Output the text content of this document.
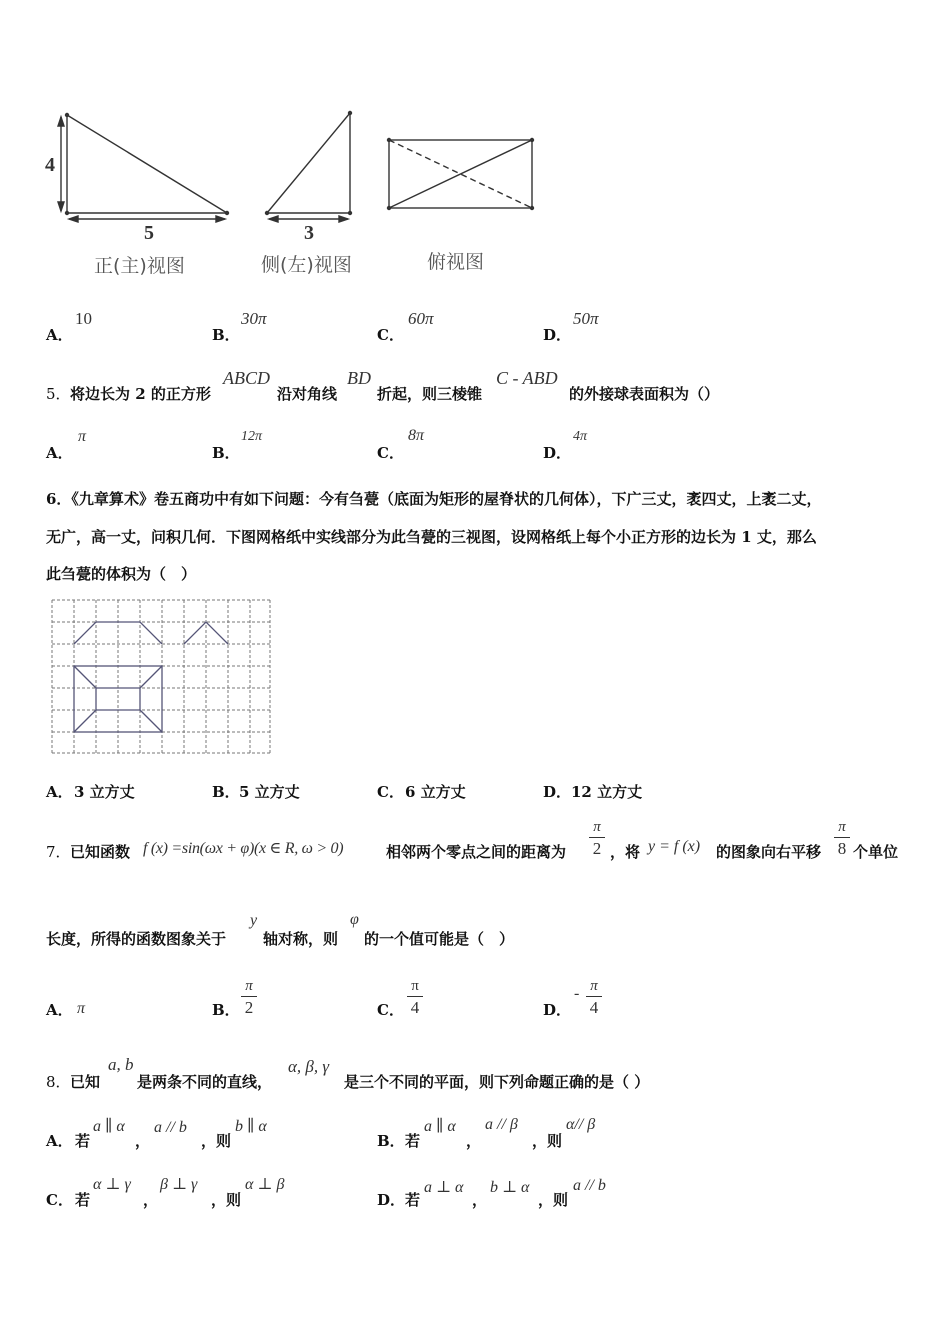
4
5	3
正(主)视图	侧(左)视图	俯视图
A．
10
B．
30π
C．
60π
D．
50π
5． 将边长为 2 的正方形
ABCD
沿对角线
BD
折起，则三棱锥
C - ABD
的外接球表面积为（）
A．
π
B．
12π
C．
8π
D．
4π
6．《九章算术》卷五商功中有如下问题：今有刍甍（底面为矩形的屋脊状的几何体），下广三丈，袤四丈，上袤二丈，
无广，高一丈，问积几何．下图网格纸中实线部分为此刍甍的三视图，设网格纸上每个小正方形的边长为 1 丈，那么
此刍甍的体积为（　）
A． 3 立方丈	B． 5 立方丈	C． 6 立方丈	D． 12 立方丈
7． 已知函数 f (x) =sin(ωx + φ)(x ∈ R, ω > 0)	相邻两个零点之间的距离为
π
2 ，将 y = f (x) 的图象向右平移
π
8 个单位
长度，所得的函数图象关于
y
轴对称，则
φ
的一个值可能是（　）
A． π	B．
π
2	C．
π
4	D．
- π
4
8． 已知
a, b
是两条不同的直线，
α, β, γ
是三个不同的平面，则下列命题正确的是（ ）
A． 若
a ∥ α
，
a // b
，则
b ∥ α
B． 若
a ∥ α
，
a // β
，则
α// β
C． 若
α ⊥ γ
，
β ⊥ γ
，则
α ⊥ β
D． 若
a ⊥ α
，
b ⊥ α
，则
a // b
